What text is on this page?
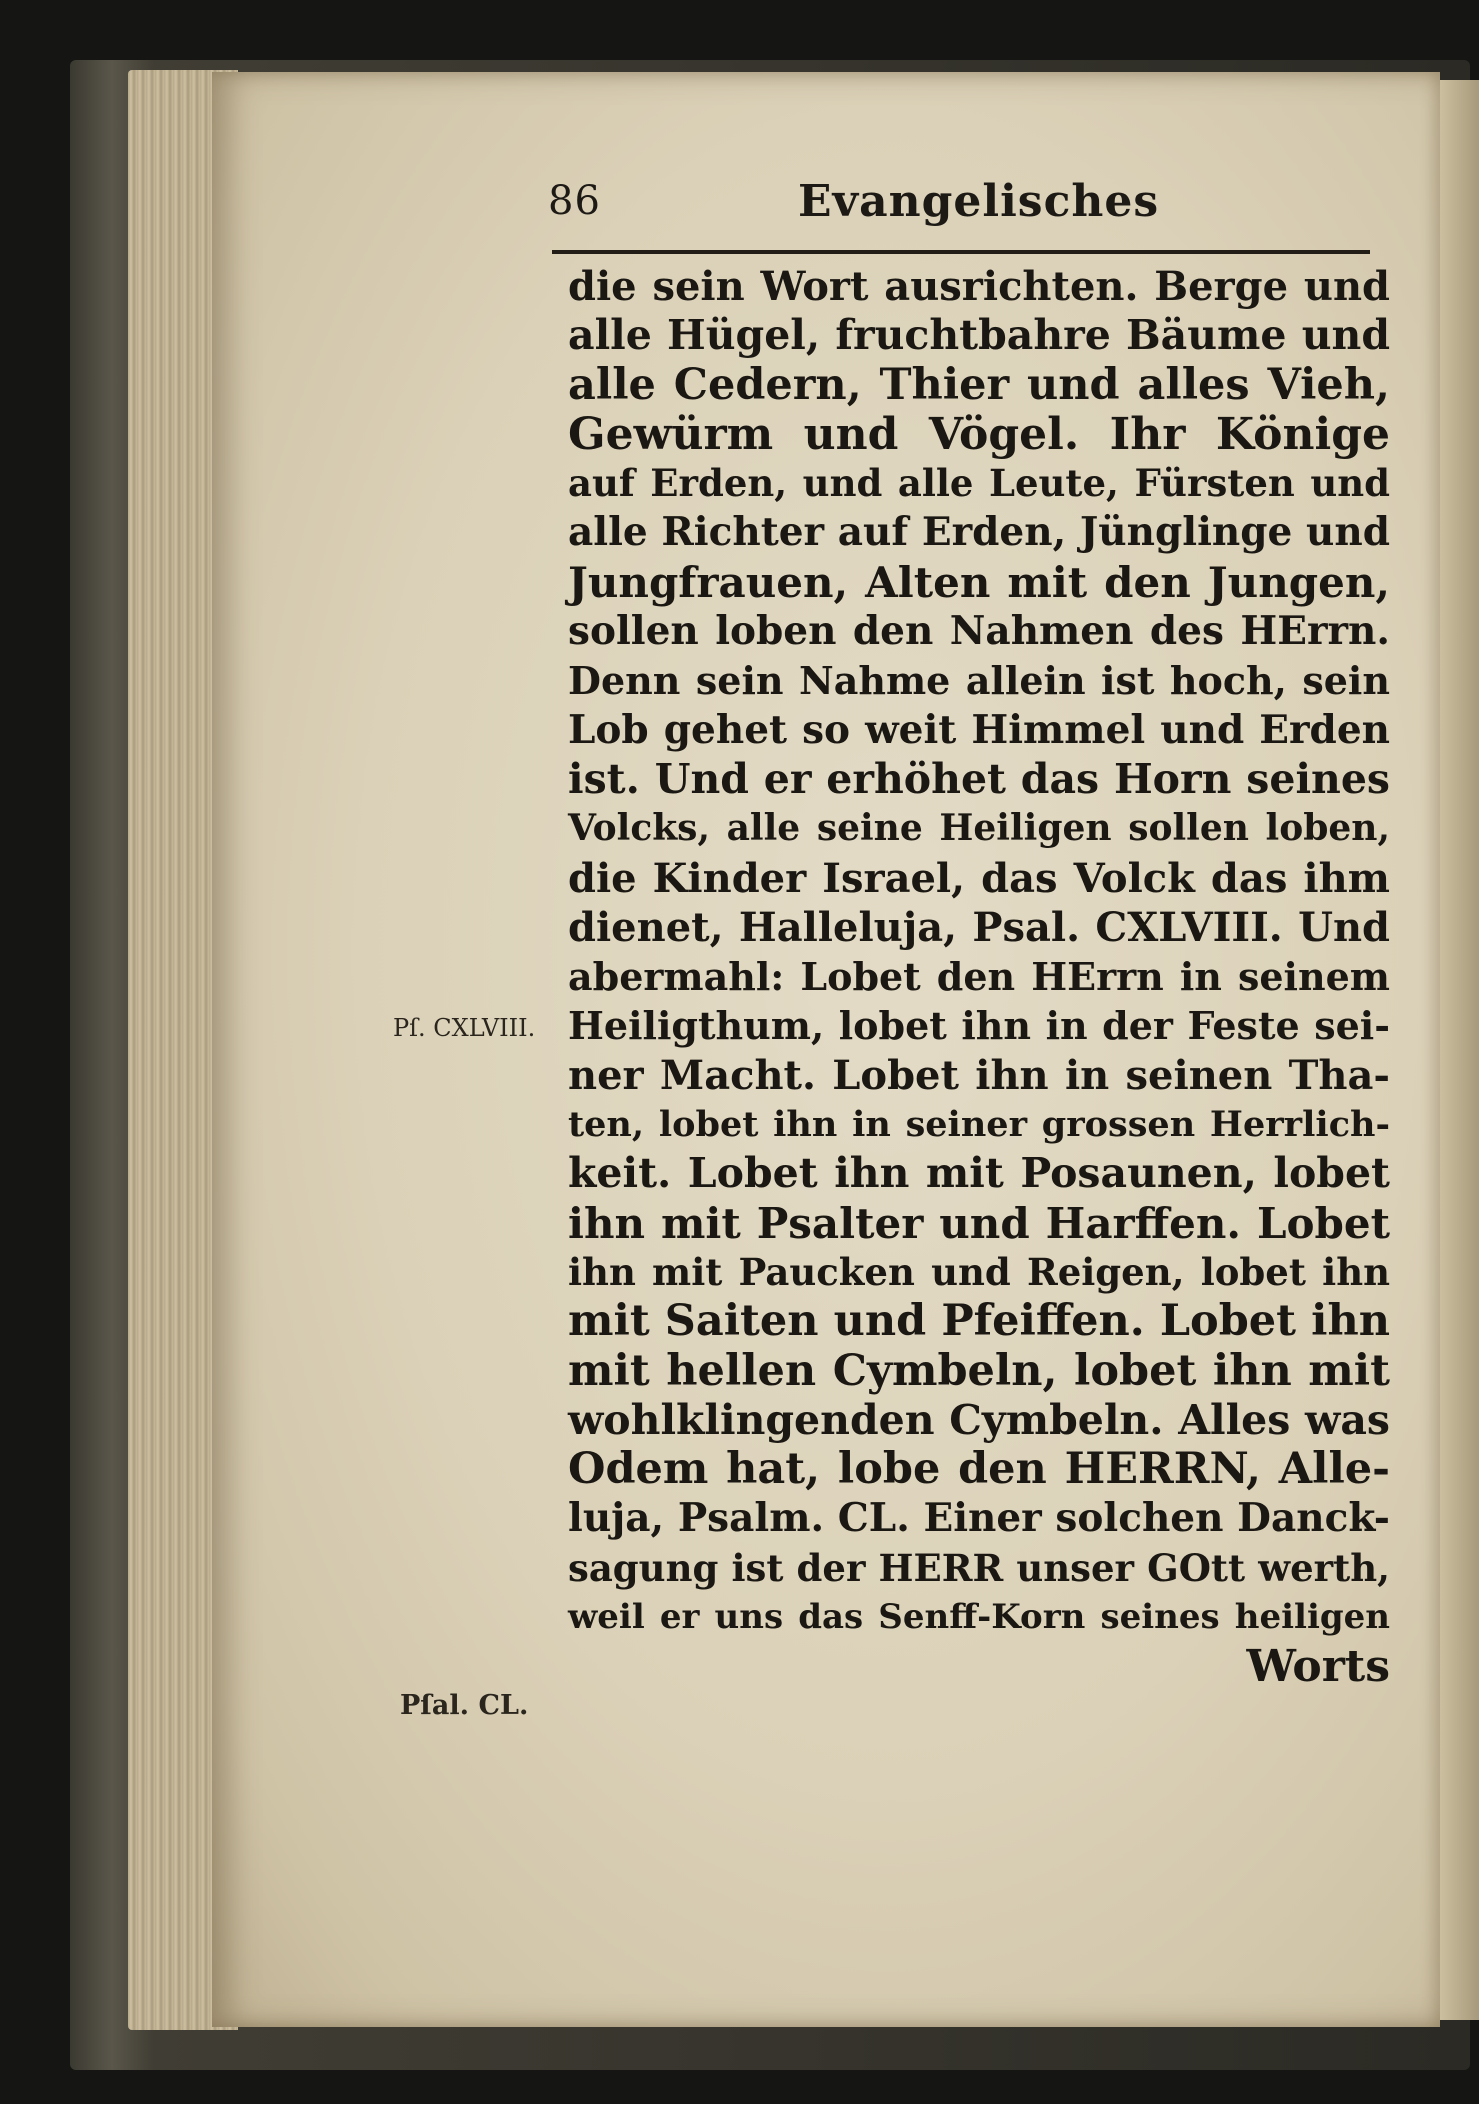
86	Evangelisches
die sein Wort ausrichten. Berge und
alle Hügel, fruchtbahre Bäume und
alle Cedern, Thier und alles Vieh,
Gewürm und Vögel. Ihr Könige
auf Erden, und alle Leute, Fürsten und
alle Richter auf Erden, Jünglinge und
Jungfrauen, Alten mit den Jungen,
sollen loben den Nahmen des HErrn.
Denn sein Nahme allein ist hoch, sein
Lob gehet so weit Himmel und Erden
ist. Und er erhöhet das Horn seines
Volcks, alle seine Heiligen sollen loben,
die Kinder Israel, das Volck das ihm
dienet, Halleluja, Psal. CXLVIII. Und
abermahl: Lobet den HErrn in seinem
Heiligthum, lobet ihn in der Feste sei-
ner Macht. Lobet ihn in seinen Tha-
ten, lobet ihn in seiner grossen Herrlich-
keit. Lobet ihn mit Posaunen, lobet
ihn mit Psalter und Harffen. Lobet
ihn mit Paucken und Reigen, lobet ihn
mit Saiten und Pfeiffen. Lobet ihn
mit hellen Cymbeln, lobet ihn mit
wohlklingenden Cymbeln. Alles was
Odem hat, lobe den HERRN, Alle-
luja, Psalm. CL. Einer solchen Danck-
sagung ist der HERR unser GOtt werth,
weil er uns das Senff-Korn seines heiligen
Worts
Pſ. CXLVIII.
Pſal. CL.
